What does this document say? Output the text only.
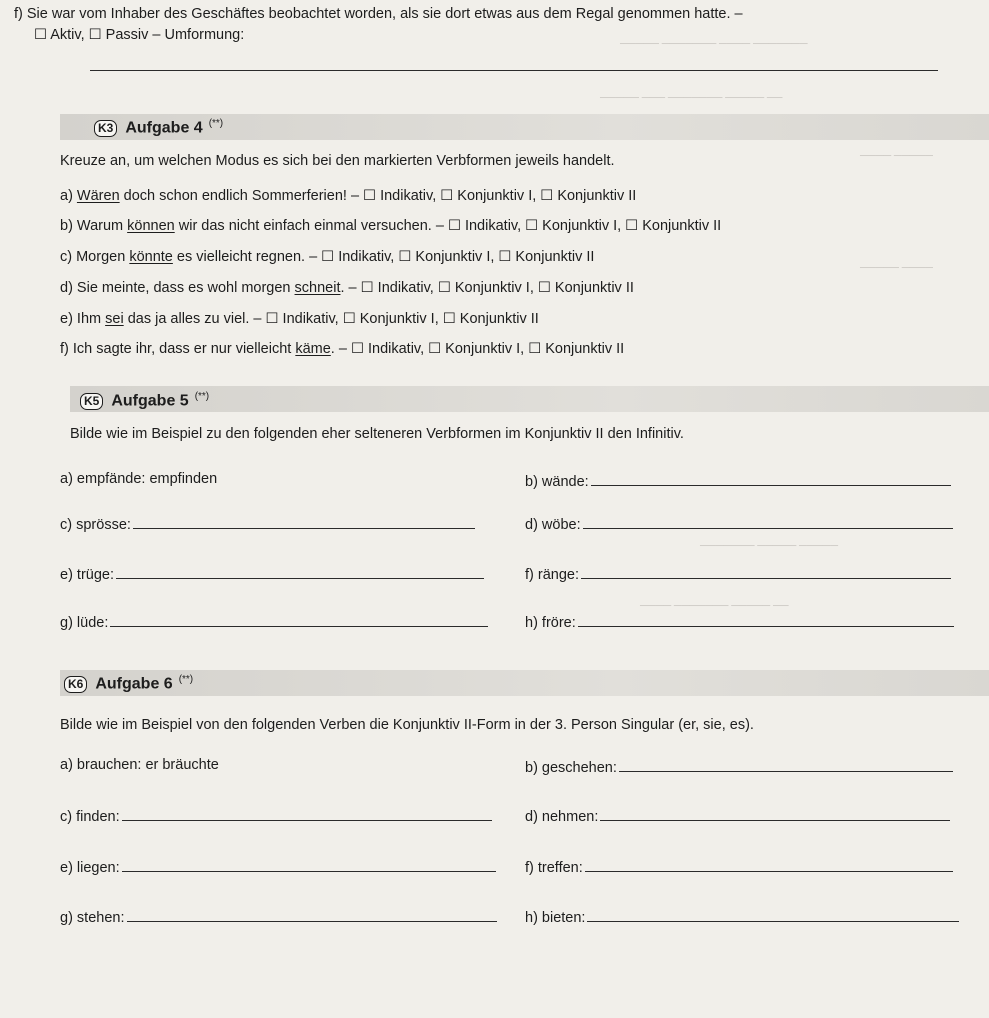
───── ─────── ──── ───────
───── ─── ─────── ───── ──
──── ─────
───── ────
─────── ───── ─────
──── ─────── ───── ──
f) Sie war vom Inhaber des Geschäftes beobachtet worden, als sie dort etwas aus dem Regal genommen hatte. –
☐ Aktiv, ☐ Passiv – Umformung:
K3 Aufgabe 4 (**)
Kreuze an, um welchen Modus es sich bei den markierten Verbformen jeweils handelt.
a) Wären doch schon endlich Sommerferien! – ☐ Indikativ, ☐ Konjunktiv I, ☐ Konjunktiv II
b) Warum können wir das nicht einfach einmal versuchen. – ☐ Indikativ, ☐ Konjunktiv I, ☐ Konjunktiv II
c) Morgen könnte es vielleicht regnen. – ☐ Indikativ, ☐ Konjunktiv I, ☐ Konjunktiv II
d) Sie meinte, dass es wohl morgen schneit. – ☐ Indikativ, ☐ Konjunktiv I, ☐ Konjunktiv II
e) Ihm sei das ja alles zu viel. – ☐ Indikativ, ☐ Konjunktiv I, ☐ Konjunktiv II
f) Ich sagte ihr, dass er nur vielleicht käme. – ☐ Indikativ, ☐ Konjunktiv I, ☐ Konjunktiv II
K5 Aufgabe 5 (**)
Bilde wie im Beispiel zu den folgenden eher selteneren Verbformen im Konjunktiv II den Infinitiv.
a) empfände: empfinden	b) wände:
c) sprösse:	d) wöbe:
e) trüge:	f) ränge:
g) lüde:	h) fröre:
K6 Aufgabe 6 (**)
Bilde wie im Beispiel von den folgenden Verben die Konjunktiv II-Form in der 3. Person Singular (er, sie, es).
a) brauchen: er bräuchte	b) geschehen:
c) finden:	d) nehmen:
e) liegen:	f) treffen:
g) stehen:	h) bieten:
